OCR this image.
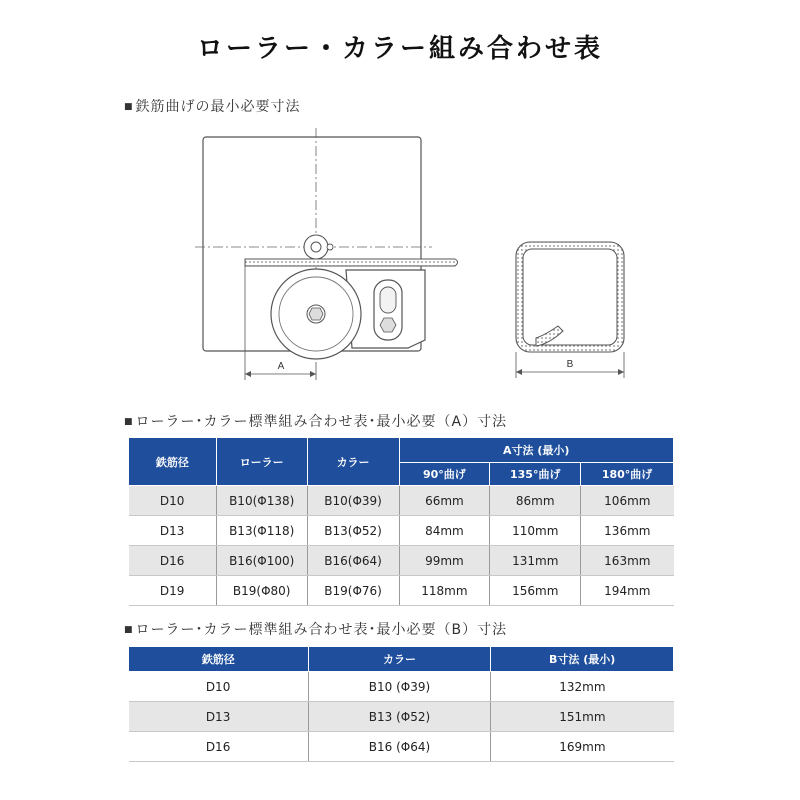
ローラー・カラー組み合わせ表
■ 鉄筋曲げの最小必要寸法
A	B
■ ローラー･カラー標準組み合わせ表･最小必要（A）寸法
鉄筋径	ローラー	カラー	A寸法 (最小)		
			90°曲げ	135°曲げ	180°曲げ
D10	B10(Φ138)	B10(Φ39)	66mm	86mm	106mm
D13	B13(Φ118)	B13(Φ52)	84mm	110mm	136mm
D16	B16(Φ100)	B16(Φ64)	99mm	131mm	163mm
D19	B19(Φ80)	B19(Φ76)	118mm	156mm	194mm
■ ローラー･カラー標準組み合わせ表･最小必要（B）寸法
鉄筋径	カラー	B寸法 (最小)
D10	B10 (Φ39)	132mm
D13	B13 (Φ52)	151mm
D16	B16 (Φ64)	169mm
